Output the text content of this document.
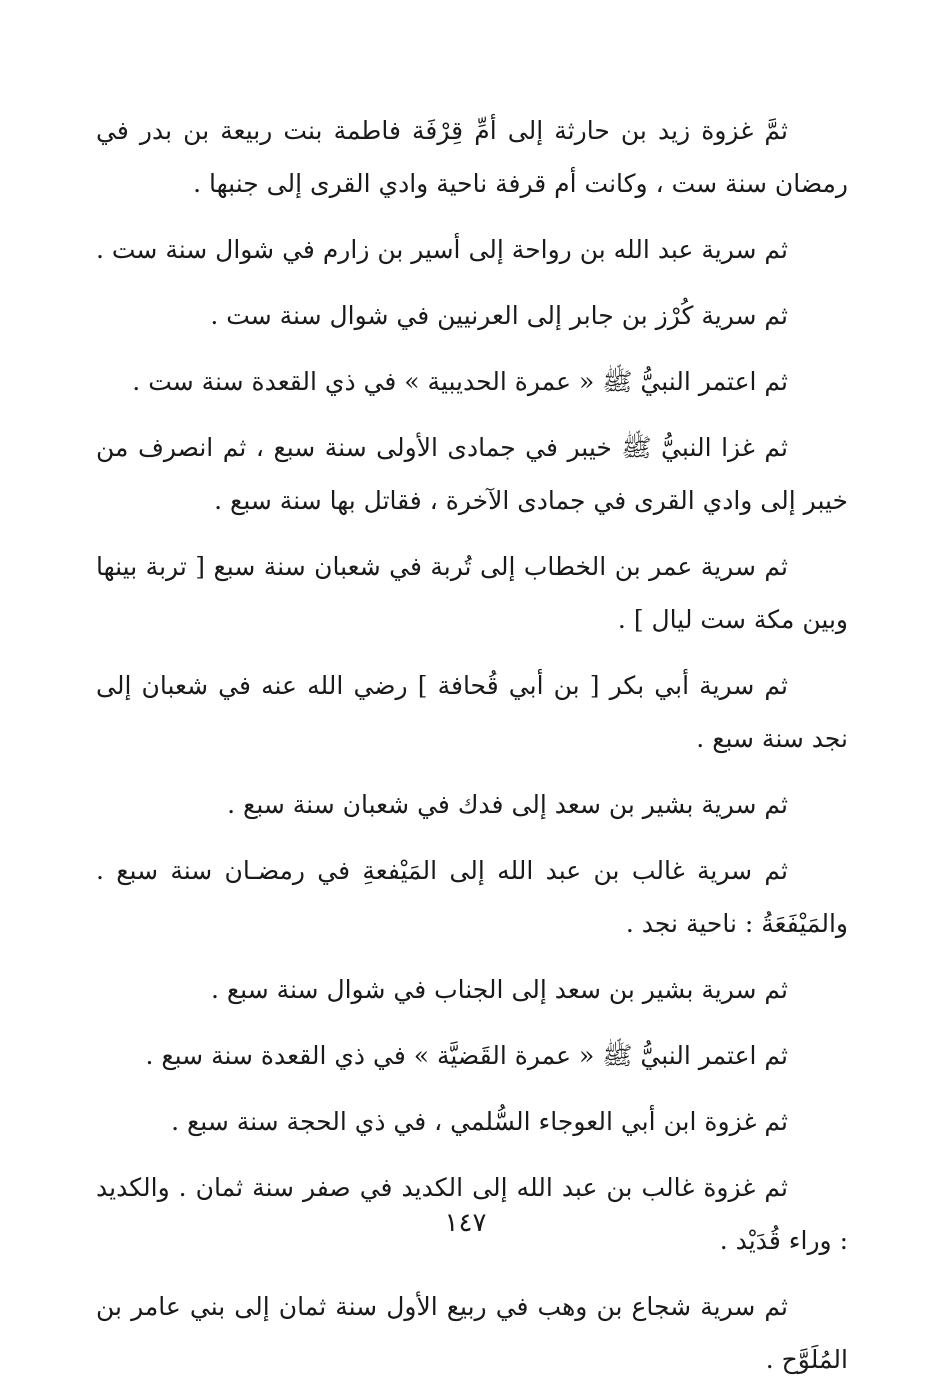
ثمَّ غزوة زيد بن حارثة إلى أمِّ قِرْفَة فاطمة بنت ربيعة بن بدر في رمضان سنة ست ، وكانت أم قرفة ناحية وادي القرى إلى جنبها .

ثم سرية عبد الله بن رواحة إلى أسير بن زارم في شوال سنة ست .

ثم سرية كُرْز بن جابر إلى العرنيين في شوال سنة ست .

ثم اعتمر النبيُّ ﷺ « عمرة الحديبية » في ذي القعدة سنة ست .

ثم غزا النبيُّ ﷺ خيبر في جمادى الأولى سنة سبع ، ثم انصرف من خيبر إلى وادي القرى في جمادى الآخرة ، فقاتل بها سنة سبع .

ثم سرية عمر بن الخطاب إلى تُربة في شعبان سنة سبع [ تربة بينها وبين مكة ست ليال ] .

ثم سرية أبي بكر [ بن أبي قُحافة ] رضي الله عنه في شعبان إلى نجد سنة سبع .

ثم سرية بشير بن سعد إلى فدك في شعبان سنة سبع .

ثم سرية غالب بن عبد الله إلى المَيْفعةِ في رمضـان سنة سبع . والمَيْفَعَةُ : ناحية نجد .

ثم سرية بشير بن سعد إلى الجناب في شوال سنة سبع .

ثم اعتمر النبيُّ ﷺ « عمرة القَضيَّة » في ذي القعدة سنة سبع .

ثم غزوة ابن أبي العوجاء السُّلمي ، في ذي الحجة سنة سبع .

ثم غزوة غالب بن عبد الله إلى الكديد في صفر سنة ثمان . والكديد : وراء قُدَيْد .

ثم سرية شجاع بن وهب في ربيع الأول سنة ثمان إلى بني عامر بن المُلَوَّح .

١٤٧
